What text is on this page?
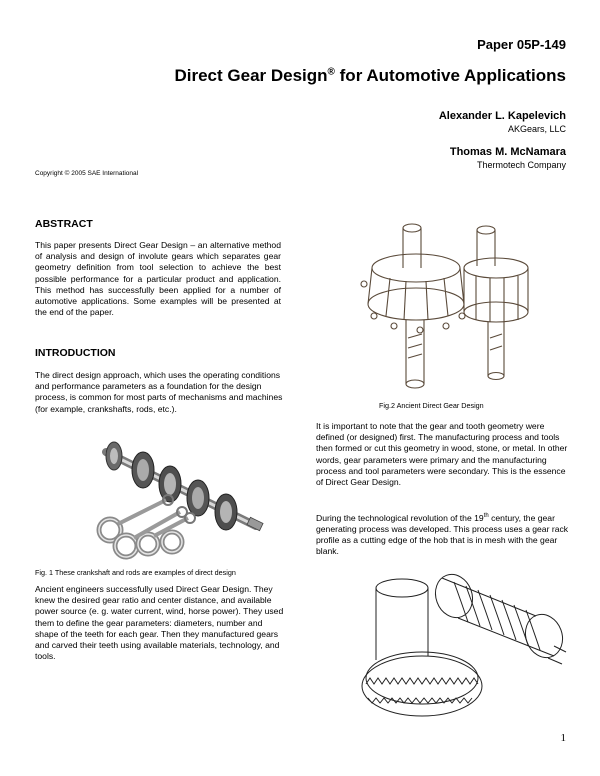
Paper 05P-149
Direct Gear Design® for Automotive Applications
Alexander L. Kapelevich
AKGears, LLC
Thomas M. McNamara
Thermotech Company
Copyright © 2005 SAE International
ABSTRACT
This paper presents Direct Gear Design – an alternative method of analysis and design of involute gears which separates gear geometry definition from tool selection to achieve the best possible performance for a particular product and application. This method has successfully been applied for a number of automotive applications. Some examples will be presented at the end of the paper.
INTRODUCTION
The direct design approach, which uses the operating conditions and performance parameters as a foundation for the design process, is common for most parts of mechanisms and machines (for example, crankshafts, rods, etc.).
Fig. 1 These crankshaft and rods are examples of direct design
Ancient engineers successfully used Direct Gear Design. They knew the desired gear ratio and center distance, and available power source (e. g. water current, wind, horse power). They used them to define the gear parameters: diameters, number and shape of the teeth for each gear. Then they manufactured gears and carved their teeth using available materials, technology, and tools.
Fig.2 Ancient Direct Gear Design
It is important to note that the gear and tooth geometry were defined (or designed) first. The manufacturing process and tools then formed or cut this geometry in wood, stone, or metal. In other words, gear parameters were primary and the manufacturing process and tool parameters were secondary. This is the essence of Direct Gear Design.
During the technological revolution of the 19th century, the gear generating process was developed. This process uses a gear rack profile as a cutting edge of the hob that is in mesh with the gear blank.
1
